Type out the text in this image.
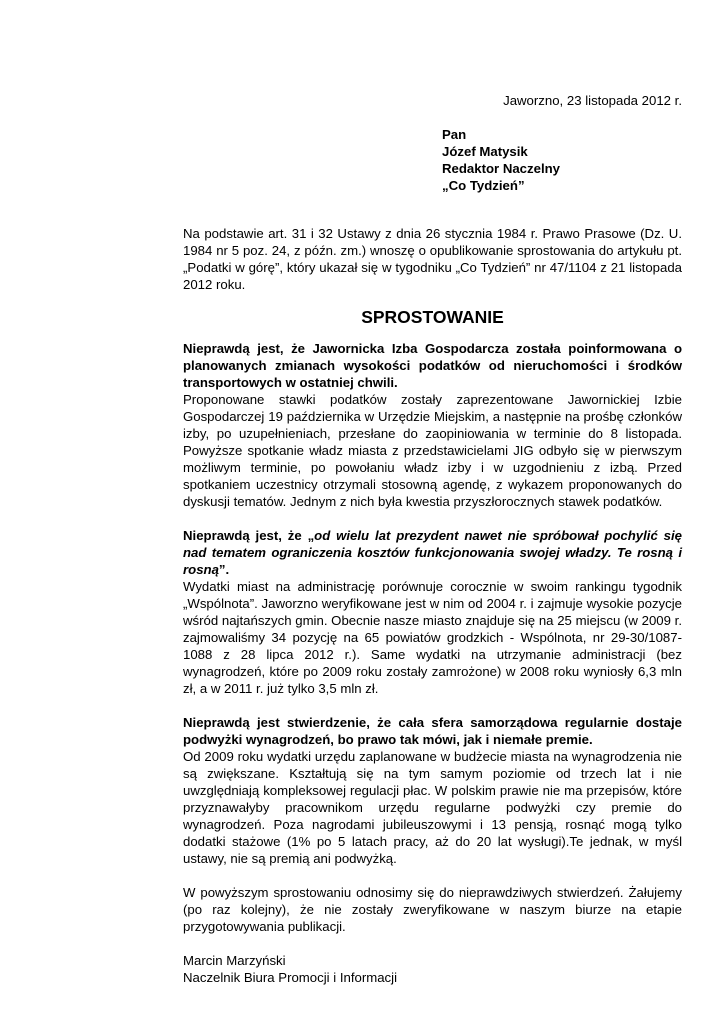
Jaworzno, 23 listopada 2012 r.
Pan
Józef Matysik
Redaktor Naczelny
„Co Tydzień”

Na podstawie art. 31 i 32 Ustawy z dnia 26 stycznia 1984 r. Prawo Prasowe (Dz. U. 1984 nr 5 poz. 24, z późn. zm.) wnoszę o opublikowanie sprostowania do artykułu pt. „Podatki w górę”, który ukazał się w tygodniku „Co Tydzień” nr 47/1104 z 21 listopada 2012 roku.

SPROSTOWANIE

Nieprawdą jest, że Jawornicka Izba Gospodarcza została poinformowana o planowanych zmianach wysokości podatków od nieruchomości i środków transportowych w ostatniej chwili.

Proponowane stawki podatków zostały zaprezentowane Jawornickiej Izbie Gospodarczej 19 października w Urzędzie Miejskim, a następnie na prośbę członków izby, po uzupełnieniach, przesłane do zaopiniowania w terminie do 8 listopada. Powyższe spotkanie władz miasta z przedstawicielami JIG odbyło się w pierwszym możliwym terminie, po powołaniu władz izby i w uzgodnieniu z izbą. Przed spotkaniem uczestnicy otrzymali stosowną agendę, z wykazem proponowanych do dyskusji tematów. Jednym z nich była kwestia przyszłorocznych stawek podatków.

Nieprawdą jest, że „od wielu lat prezydent nawet nie spróbował pochylić się nad tematem ograniczenia kosztów funkcjonowania swojej władzy. Te rosną i rosną”.

Wydatki miast na administrację porównuje corocznie w swoim rankingu tygodnik „Wspólnota”. Jaworzno weryfikowane jest w nim od 2004 r. i zajmuje wysokie pozycje wśród najtańszych gmin. Obecnie nasze miasto znajduje się na 25 miejscu (w 2009 r. zajmowaliśmy 34 pozycję na 65 powiatów grodzkich - Wspólnota, nr 29-30/1087-1088 z 28 lipca 2012 r.). Same wydatki na utrzymanie administracji (bez wynagrodzeń, które po 2009 roku zostały zamrożone) w 2008 roku wyniosły 6,3 mln zł, a w 2011 r. już tylko 3,5 mln zł.

Nieprawdą jest stwierdzenie, że cała sfera samorządowa regularnie dostaje podwyżki wynagrodzeń, bo prawo tak mówi, jak i niemałe premie.

Od 2009 roku wydatki urzędu zaplanowane w budżecie miasta na wynagrodzenia nie są zwiększane. Kształtują się na tym samym poziomie od trzech lat i nie uwzględniają kompleksowej regulacji płac. W polskim prawie nie ma przepisów, które przyznawałyby pracownikom urzędu regularne podwyżki czy premie do wynagrodzeń. Poza nagrodami jubileuszowymi i 13 pensją, rosnąć mogą tylko dodatki stażowe (1% po 5 latach pracy, aż do 20 lat wysługi).Te jednak, w myśl ustawy, nie są premią ani podwyżką.

W powyższym sprostowaniu odnosimy się do nieprawdziwych stwierdzeń. Żałujemy (po raz kolejny), że nie zostały zweryfikowane w naszym biurze na etapie przygotowywania publikacji.

Marcin Marzyński
Naczelnik Biura Promocji i Informacji
